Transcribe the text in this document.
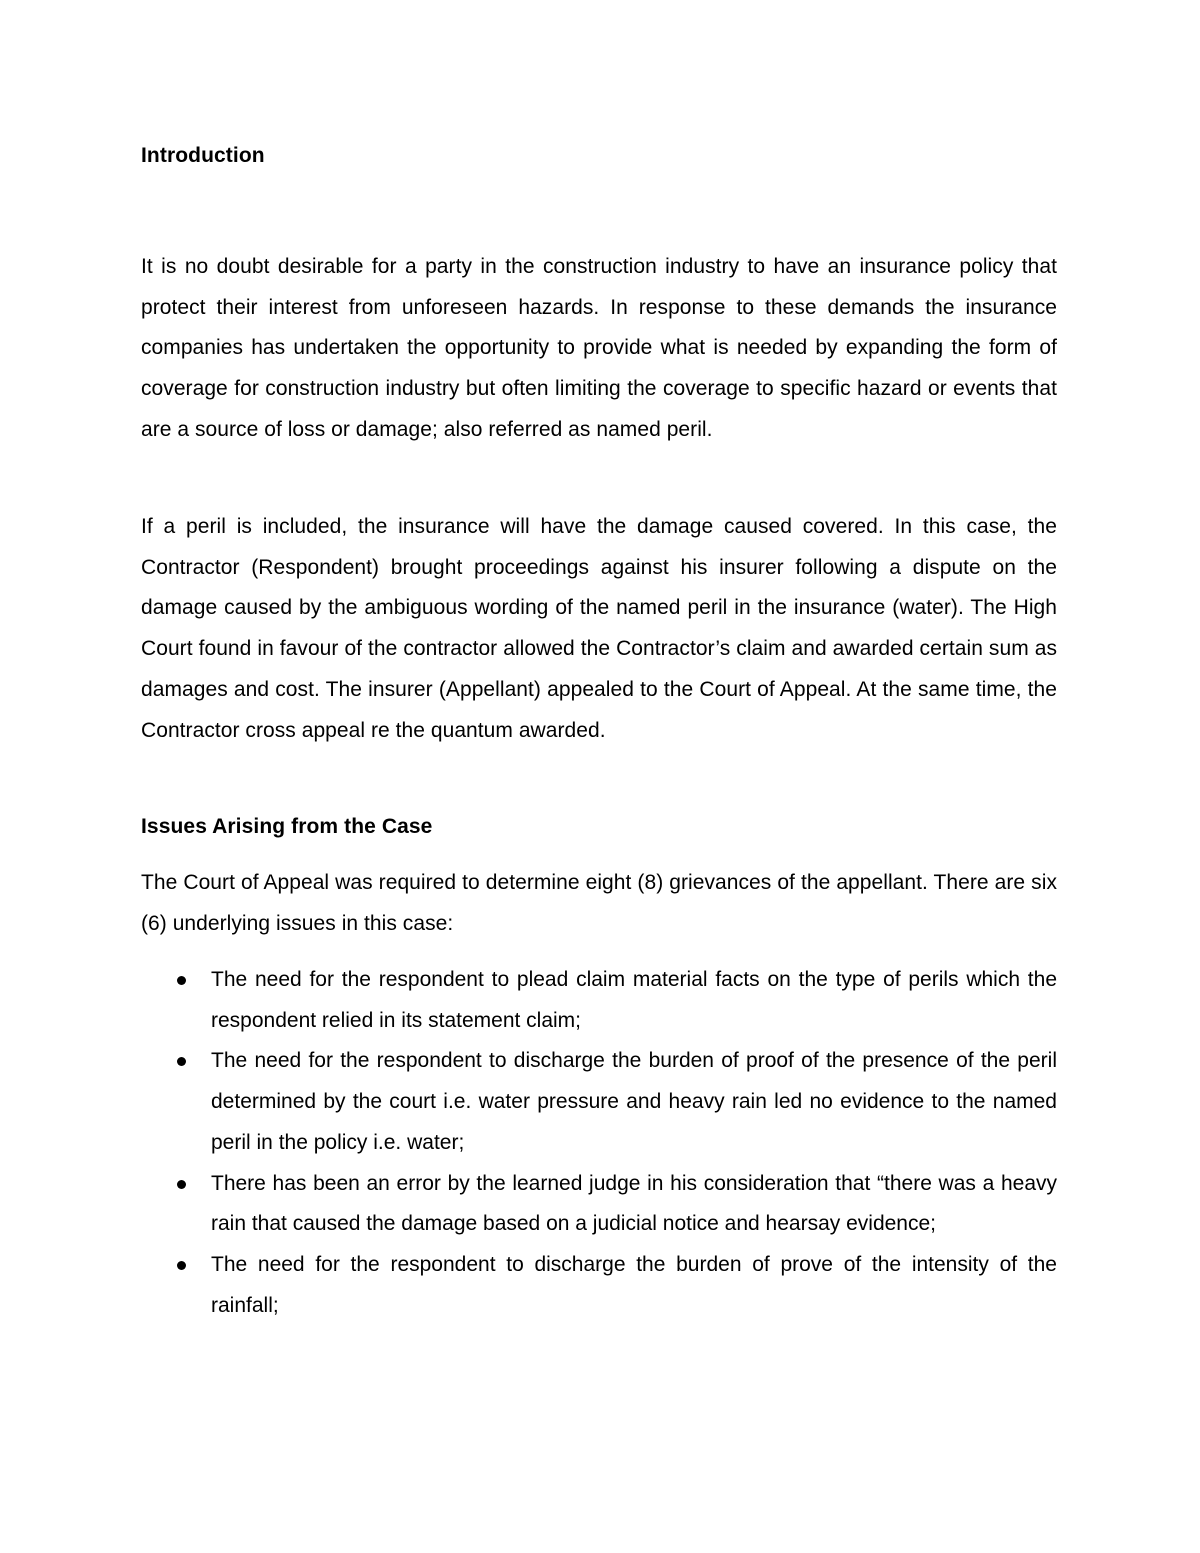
Introduction

It is no doubt desirable for a party in the construction industry to have an insurance policy that protect their interest from unforeseen hazards. In response to these demands the insurance companies has undertaken the opportunity to provide what is needed by expanding the form of coverage for construction industry but often limiting the coverage to specific hazard or events that are a source of loss or damage; also referred as named peril.

If a peril is included, the insurance will have the damage caused covered. In this case, the Contractor (Respondent) brought proceedings against his insurer following a dispute on the damage caused by the ambiguous wording of the named peril in the insurance (water). The High Court found in favour of the contractor allowed the Contractor’s claim and awarded certain sum as damages and cost. The insurer (Appellant) appealed to the Court of Appeal. At the same time, the Contractor cross appeal re the quantum awarded.

Issues Arising from the Case

The Court of Appeal was required to determine eight (8) grievances of the appellant. There are six (6) underlying issues in this case:

The need for the respondent to plead claim material facts on the type of perils which the respondent relied in its statement claim;
The need for the respondent to discharge the burden of proof of the presence of the peril determined by the court i.e. water pressure and heavy rain led no evidence to the named peril in the policy i.e. water;
There has been an error by the learned judge in his consideration that “there was a heavy rain that caused the damage based on a judicial notice and hearsay evidence;
The need for the respondent to discharge the burden of prove of the intensity of the rainfall;
